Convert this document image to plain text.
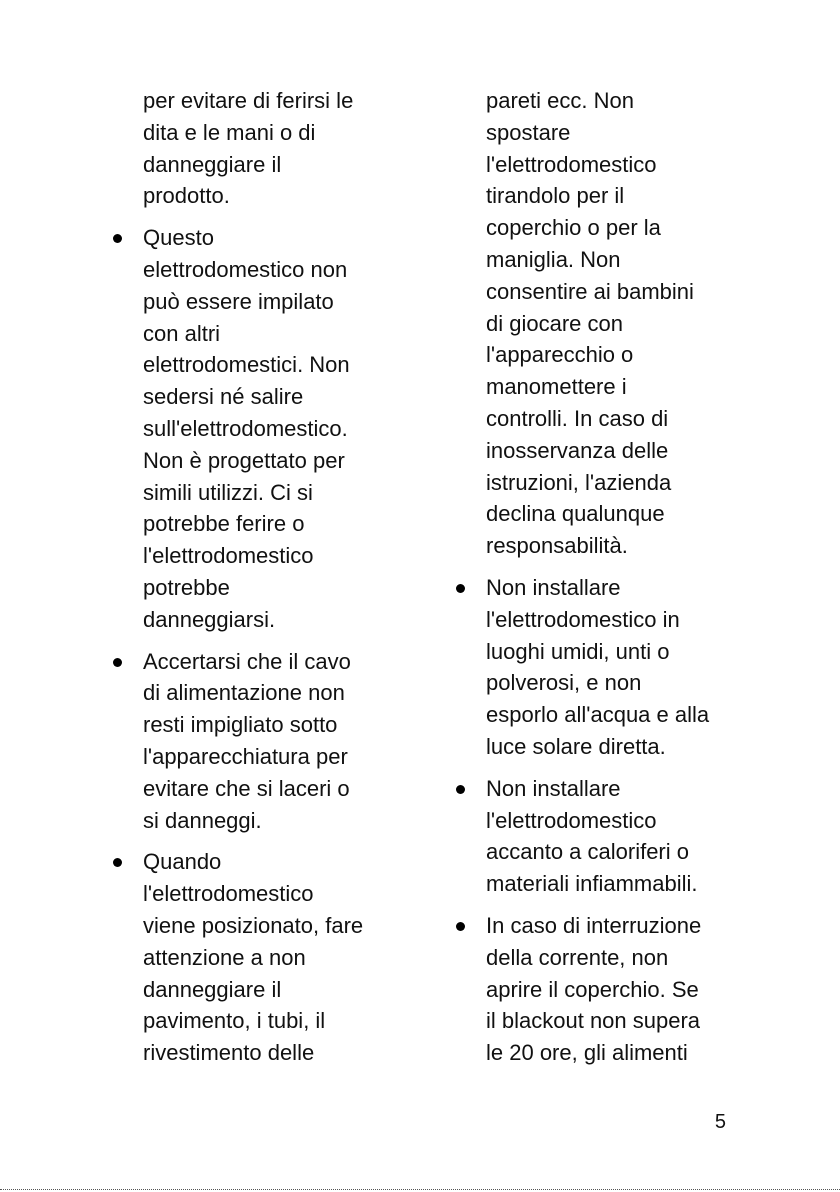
per evitare di ferirsi le
dita e le mani o di
danneggiare il
prodotto.
Questo
elettrodomestico non
può essere impilato
con altri
elettrodomestici. Non
sedersi né salire
sull'elettrodomestico.
Non è progettato per
simili utilizzi. Ci si
potrebbe ferire o
l'elettrodomestico
potrebbe
danneggiarsi.
Accertarsi che il cavo
di alimentazione non
resti impigliato sotto
l'apparecchiatura per
evitare che si laceri o
si danneggi.
Quando
l'elettrodomestico
viene posizionato, fare
attenzione a non
danneggiare il
pavimento, i tubi, il
rivestimento delle
pareti ecc. Non
spostare
l'elettrodomestico
tirandolo per il
coperchio o per la
maniglia. Non
consentire ai bambini
di giocare con
l'apparecchio o
manomettere i
controlli. In caso di
inosservanza delle
istruzioni, l'azienda
declina qualunque
responsabilità.
Non installare
l'elettrodomestico in
luoghi umidi, unti o
polverosi, e non
esporlo all'acqua e alla
luce solare diretta.
Non installare
l'elettrodomestico
accanto a caloriferi o
materiali infiammabili.
In caso di interruzione
della corrente, non
aprire il coperchio. Se
il blackout non supera
le 20 ore, gli alimenti
5
